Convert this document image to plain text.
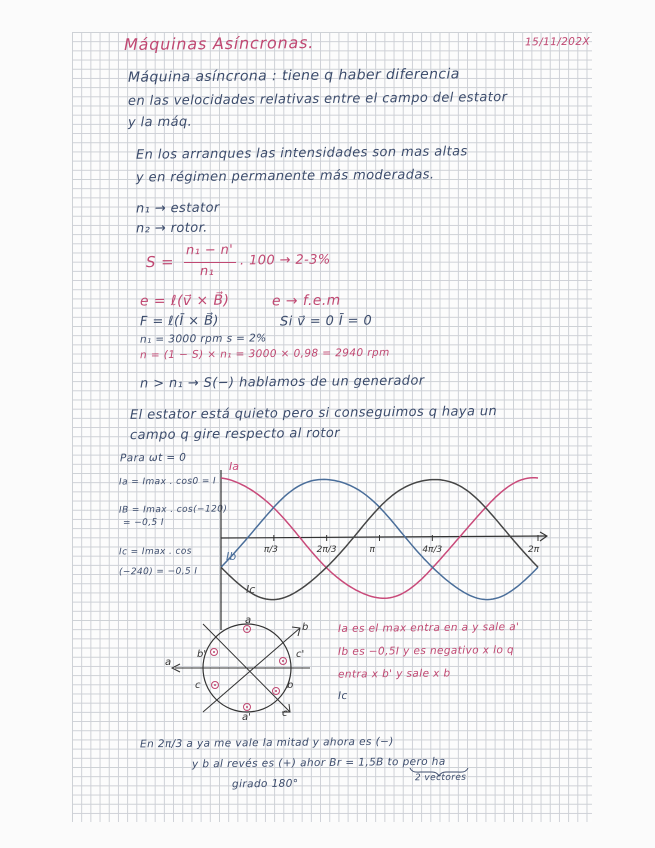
Máquinas Asíncronas.	15/11/202X
Máquina asíncrona : tiene q haber diferencia
en las velocidades relativas entre el campo del estator
y la máq.
En los arranques las intensidades son mas altas
y en régimen permanente más moderadas.
n₁ → estator
n₂ → rotor.
S =
n₁ − n'
n₁
. 100 → 2-3%
e = ℓ(v⃗ × B⃗)	e → f.e.m
F = ℓ(Ī × B⃗)	Si v⃗ = 0 Ī = 0
n₁ = 3000 rpm s = 2%
n = (1 − S) × n₁ = 3000 × 0,98 = 2940 rpm
n > n₁ → S(−) hablamos de un generador
El estator está quieto pero si conseguimos q haya un
campo q gire respecto al rotor
Para ωt = 0
Ia = Imax . cos0 = I
IB = Imax . cos(−120)
= −0,5 I
Ic = Imax . cos
(−240) = −0,5 I
π/3	2π/3	π	4π/3	2π
Ia
Ib
Ic
a
b
c'
b
c
a'
b'
c
a
Ia es el max entra en a y sale a'
Ib es −0,5I y es negativo x lo q
entra x b' y sale x b
Ic
En 2π/3 a ya me vale la mitad y ahora es (−)
y b al revés es (+) ahor Br = 1,5B to pero ha
girado 180°	2 vectores
